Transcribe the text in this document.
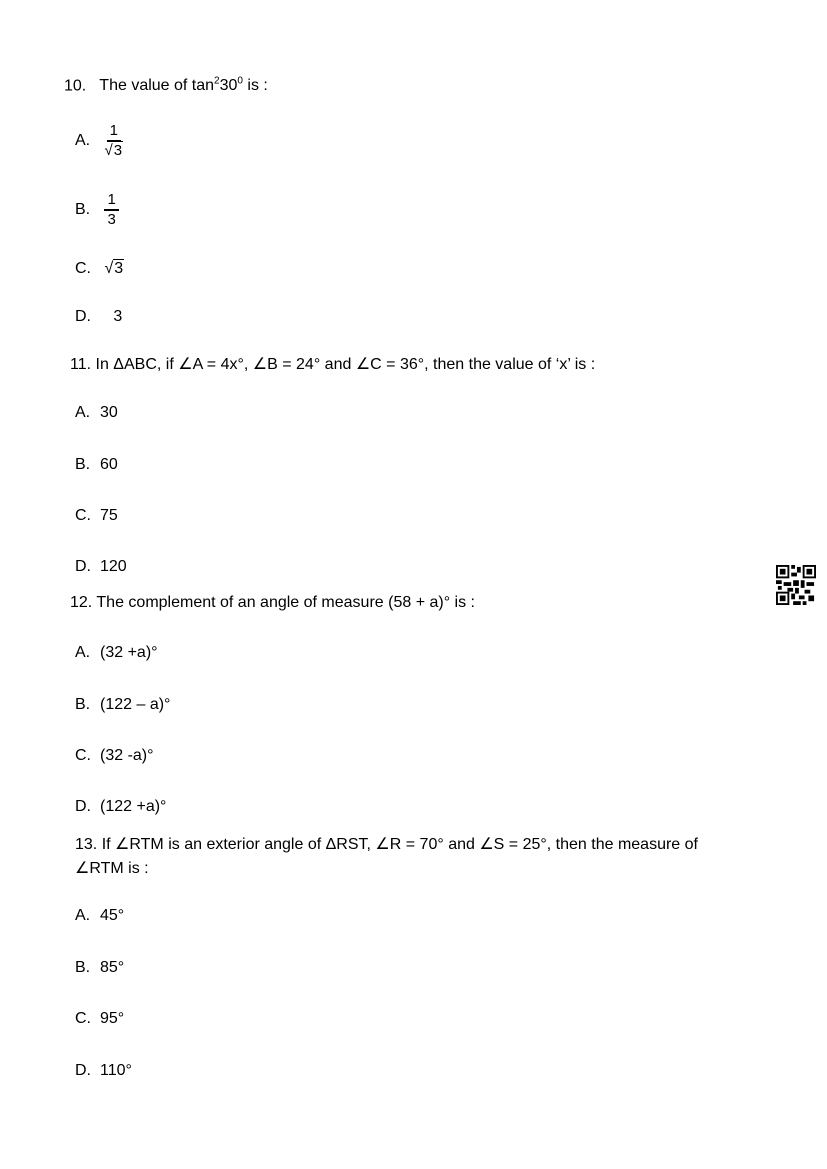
10. The value of $\tan^230^0$ is :
A. $\frac{1}{√3}$
B. $\frac{1}{3}$
C. √3
D. 3
11. In ΔABC, if ∠A = 4x°, ∠B = 24° and ∠C = 36°, then the value of ‘x’ is :
A. 30
B. 60
C. 75
D. 120
12. The complement of an angle of measure (58 + a)° is :
A. (32 +a)°
B. (122 – a)°
C. (32 -a)°
D. (122 +a)°
13. If ∠RTM is an exterior angle of ΔRST, ∠R = 70° and ∠S = 25°, then the measure of
∠RTM is :
A. 45°
B. 85°
C. 95°
D. 110°
